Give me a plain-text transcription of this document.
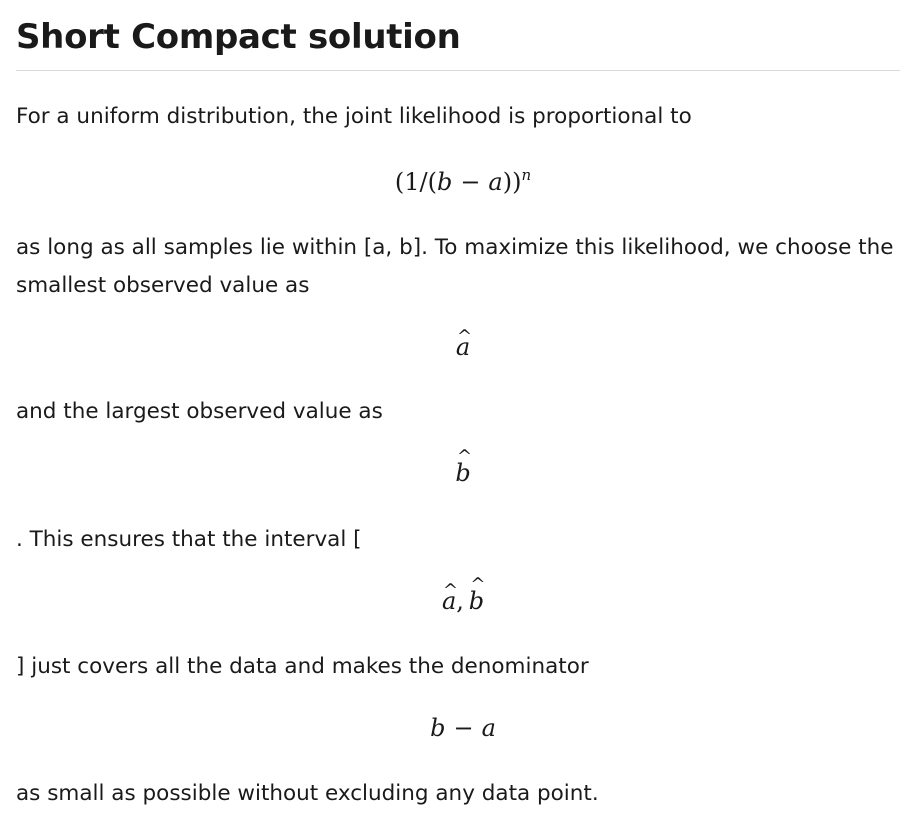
Short Compact solution

For a uniform distribution, the joint likelihood is proportional to

$(1/(b - a))^n$

as long as all samples lie within [a, b]. To maximize this likelihood, we choose the smallest observed value as

^ a

and the largest observed value as

^ b

. This ensures that the interval [

^ a, ^ b

] just covers all the data and makes the denominator

b − a

as small as possible without excluding any data point.
